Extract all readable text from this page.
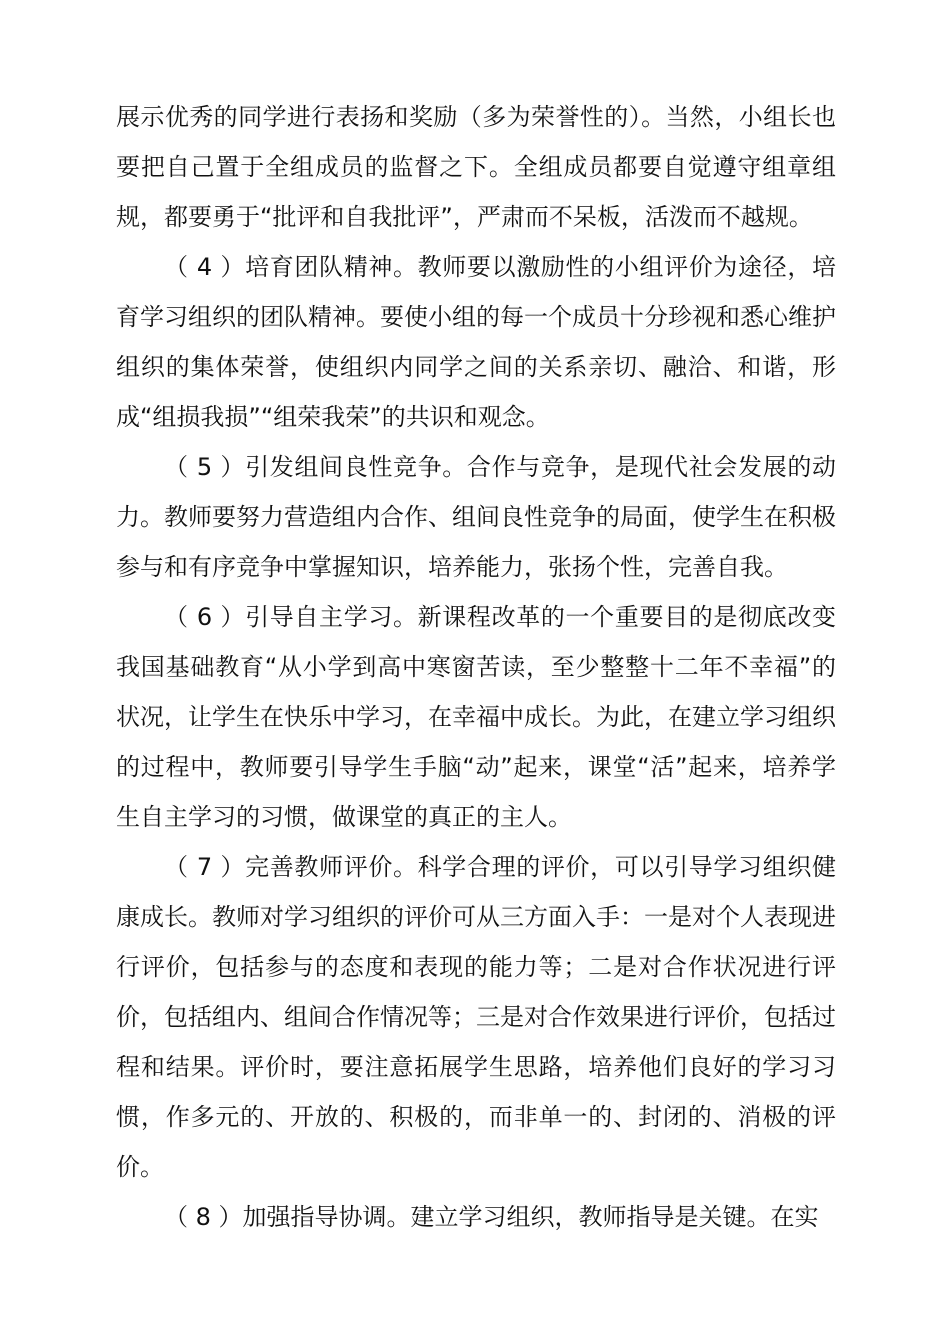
展示优秀的同学进行表扬和奖励（多为荣誉性的）。当然，小组长也要把自己置于全组成员的监督之下。全组成员都要自觉遵守组章组规，都要勇于“批评和自我批评”，严肃而不呆板，活泼而不越规。

（ 4 ）培育团队精神。教师要以激励性的小组评价为途径，培育学习组织的团队精神。要使小组的每一个成员十分珍视和悉心维护组织的集体荣誉，使组织内同学之间的关系亲切、融洽、和谐，形成“组损我损”“组荣我荣”的共识和观念。

（ 5 ）引发组间良性竞争。合作与竞争，是现代社会发展的动力。教师要努力营造组内合作、组间良性竞争的局面，使学生在积极参与和有序竞争中掌握知识，培养能力，张扬个性，完善自我。

（ 6 ）引导自主学习。新课程改革的一个重要目的是彻底改变我国基础教育“从小学到高中寒窗苦读，至少整整十二年不幸福”的状况，让学生在快乐中学习，在幸福中成长。为此，在建立学习组织的过程中，教师要引导学生手脑“动”起来，课堂“活”起来，培养学生自主学习的习惯，做课堂的真正的主人。

（ 7 ）完善教师评价。科学合理的评价，可以引导学习组织健康成长。教师对学习组织的评价可从三方面入手：一是对个人表现进行评价，包括参与的态度和表现的能力等；二是对合作状况进行评价，包括组内、组间合作情况等；三是对合作效果进行评价，包括过程和结果。评价时，要注意拓展学生思路，培养他们良好的学习习惯，作多元的、开放的、积极的，而非单一的、封闭的、消极的评价。

（ 8 ）加强指导协调。建立学习组织，教师指导是关键。在实
